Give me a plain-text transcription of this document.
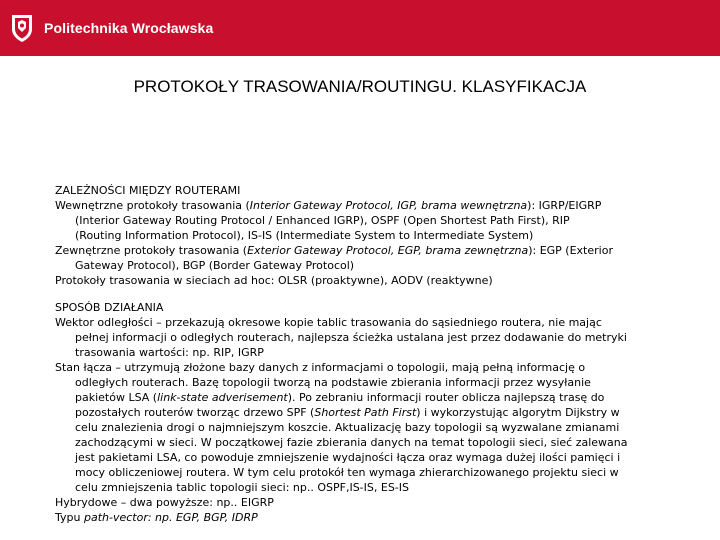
Politechnika Wrocławska
PROTOKOŁY TRASOWANIA/ROUTINGU. KLASYFIKACJA
ZALEŻNOŚCI MIĘDZY ROUTERAMI
Wewnętrzne protokoły trasowania (Interior Gateway Protocol, IGP, brama wewnętrzna): IGRP/EIGRP
(Interior Gateway Routing Protocol / Enhanced IGRP), OSPF (Open Shortest Path First), RIP
(Routing Information Protocol), IS-IS (Intermediate System to Intermediate System)
Zewnętrzne protokoły trasowania (Exterior Gateway Protocol, EGP, brama zewnętrzna): EGP (Exterior
Gateway Protocol), BGP (Border Gateway Protocol)
Protokoły trasowania w sieciach ad hoc: OLSR (proaktywne), AODV (reaktywne)
SPOSÓB DZIAŁANIA
Wektor odległości – przekazują okresowe kopie tablic trasowania do sąsiedniego routera, nie mając
pełnej informacji o odległych routerach, najlepsza ścieżka ustalana jest przez dodawanie do metryki
trasowania wartości: np. RIP, IGRP
Stan łącza – utrzymują złożone bazy danych z informacjami o topologii, mają pełną informację o
odległych routerach. Bazę topologii tworzą na podstawie zbierania informacji przez wysyłanie
pakietów LSA (link-state adverisement). Po zebraniu informacji router oblicza najlepszą trasę do
pozostałych routerów tworząc drzewo SPF (Shortest Path First) i wykorzystując algorytm Dijkstry w
celu znalezienia drogi o najmniejszym koszcie. Aktualizację bazy topologii są wyzwalane zmianami
zachodzącymi w sieci. W początkowej fazie zbierania danych na temat topologii sieci, sieć zalewana
jest pakietami LSA, co powoduje zmniejszenie wydajności łącza oraz wymaga dużej ilości pamięci i
mocy obliczeniowej routera. W tym celu protokół ten wymaga zhierarchizowanego projektu sieci w
celu zmniejszenia tablic topologii sieci: np.. OSPF,IS-IS, ES-IS
Hybrydowe – dwa powyższe: np.. EIGRP
Typu path-vector: np. EGP, BGP, IDRP
